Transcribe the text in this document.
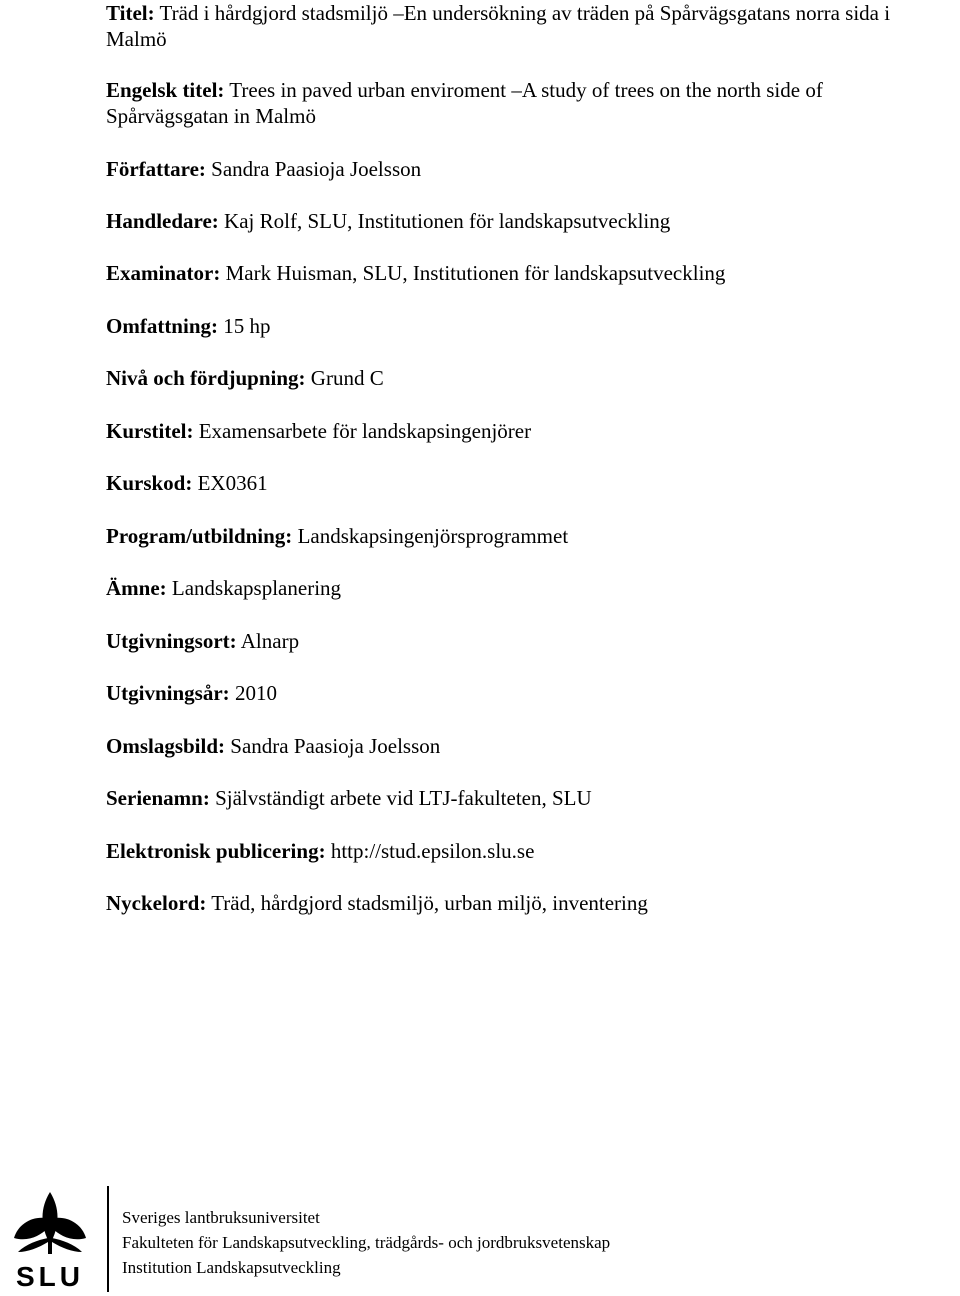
Titel: Träd i hårdgjord stadsmiljö –En undersökning av träden på Spårvägsgatans norra sida i Malmö

Engelsk titel: Trees in paved urban enviroment –A study of trees on the north side of Spårvägsgatan in Malmö

Författare: Sandra Paasioja Joelsson

Handledare: Kaj Rolf, SLU, Institutionen för landskapsutveckling

Examinator: Mark Huisman, SLU, Institutionen för landskapsutveckling

Omfattning: 15 hp

Nivå och fördjupning: Grund C

Kurstitel: Examensarbete för landskapsingenjörer

Kurskod: EX0361

Program/utbildning: Landskapsingenjörsprogrammet

Ämne: Landskapsplanering

Utgivningsort: Alnarp

Utgivningsår: 2010

Omslagsbild: Sandra Paasioja Joelsson

Serienamn: Självständigt arbete vid LTJ-fakulteten, SLU

Elektronisk publicering: http://stud.epsilon.slu.se

Nyckelord: Träd, hårdgjord stadsmiljö, urban miljö, inventering

SLU
Sveriges lantbruksuniversitet
Fakulteten för Landskapsutveckling, trädgårds- och jordbruksvetenskap
Institution Landskapsutveckling
